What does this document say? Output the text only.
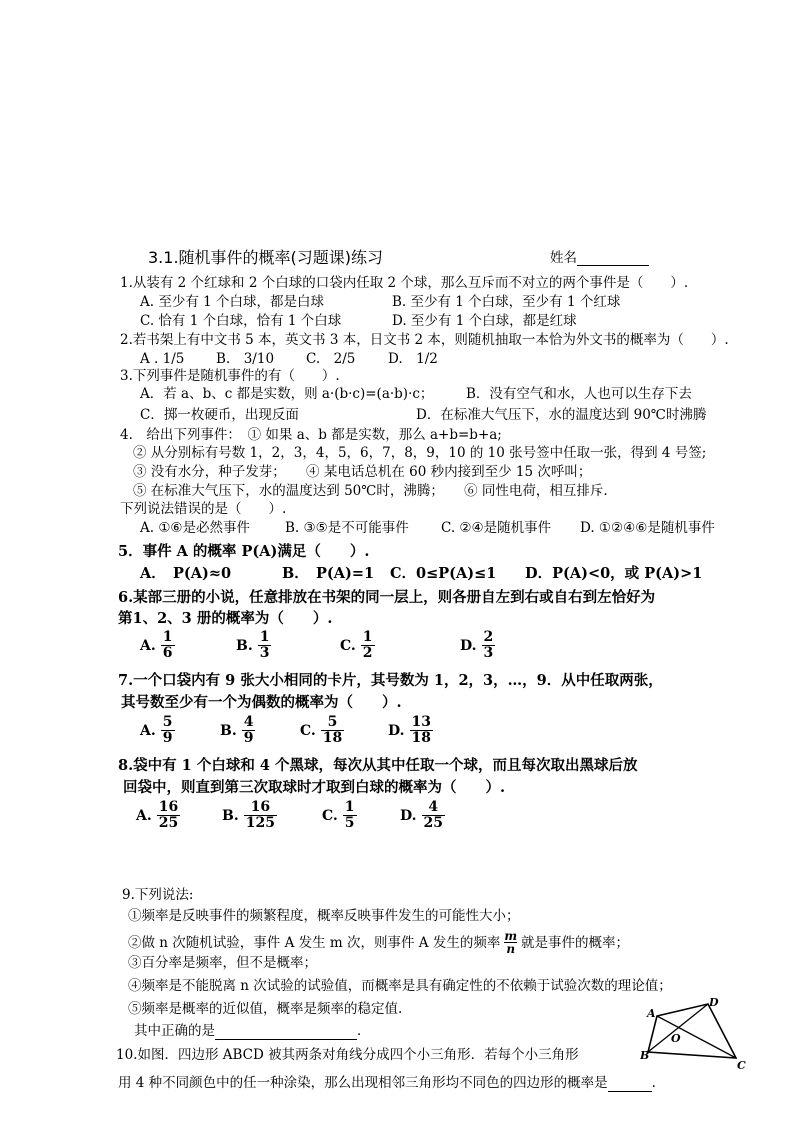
3.1.随机事件的概率(习题课)练习	姓名
1.从装有 2 个红球和 2 个白球的口袋内任取 2 个球，那么互斥而不对立的两个事件是（　　）.
A. 至少有 1 个白球，都是白球	B. 至少有 1 个白球，至少有 1 个红球
C. 恰有 1 个白球，恰有 1 个白球	D. 至少有 1 个白球，都是红球
2.若书架上有中文书 5 本，英文书 3 本，日文书 2 本，则随机抽取一本恰为外文书的概率为（　　）.
A . 1/5 B.　3/10 C.　2/5 D.　1/2
3.下列事件是随机事件的有（　　）.
A．若 a、b、c 都是实数，则 a·(b·c)=(a·b)·c； B．没有空气和水，人也可以生存下去
C．掷一枚硬币，出现反面	D．在标准大气压下，水的温度达到 90℃时沸腾
4.　给出下列事件：　① 如果 a、b 都是实数，那么 a+b=b+a;
② 从分别标有号数 1，2，3，4，5，6，7，8，9，10 的 10 张号签中任取一张，得到 4 号签;
③ 没有水分，种子发芽；　　④ 某电话总机在 60 秒内接到至少 15 次呼叫；
⑤ 在标准大气压下，水的温度达到 50℃时，沸腾；　　⑥ 同性电荷，相互排斥.
下列说法错误的是（　　）.
A. ①⑥是必然事件	B. ③⑤是不可能事件 C. ②④是随机事件 D. ①②④⑥是随机事件
5．事件 A 的概率 P(A)满足（　　）.
A．　P(A)≈0	B．　P(A)=1 C．0≤P(A)≤1 D．P(A)<0，或 P(A)>1
6.某部三册的小说，任意排放在书架的同一层上，则各册自左到右或自右到左恰好为
第1、2、3 册的概率为（　　）.
A. $\frac{1}{6}$	B. $\frac{1}{3}$	C. $\frac{1}{2}$	D. $\frac{2}{3}$
7.一个口袋内有 9 张大小相同的卡片，其号数为 1，2，3，…，9．从中任取两张，
其号数至少有一个为偶数的概率为（　　）.
A. $\frac{5}{9}$	B. $\frac{4}{9}$	C. $\frac{5}{18}$	D. $\frac{13}{18}$
8.袋中有 1 个白球和 4 个黑球，每次从其中任取一个球，而且每次取出黑球后放
回袋中，则直到第三次取球时才取到白球的概率为（　　）.
A. $\frac{16}{25}$	B. $\frac{16}{125}$	C. $\frac{1}{5}$	D. $\frac{4}{25}$
9.下列说法:
①频率是反映事件的频繁程度，概率反映事件发生的可能性大小；
②做 n 次随机试验，事件 A 发生 m 次，则事件 A 发生的频率 $\frac{m}{n}$ 就是事件的概率；
③百分率是频率，但不是概率；
④频率是不能脱离 n 次试验的试验值，而概率是具有确定性的不依赖于试验次数的理论值；
⑤频率是概率的近似值，概率是频率的稳定值.
其中正确的是	．
10.如图．四边形 ABCD 被其两条对角线分成四个小三角形．若每个小三角形
用 4 种不同颜色中的任一种涂染，那么出现相邻三角形均不同色的四边形的概率是	.
A
B
C
D
O
